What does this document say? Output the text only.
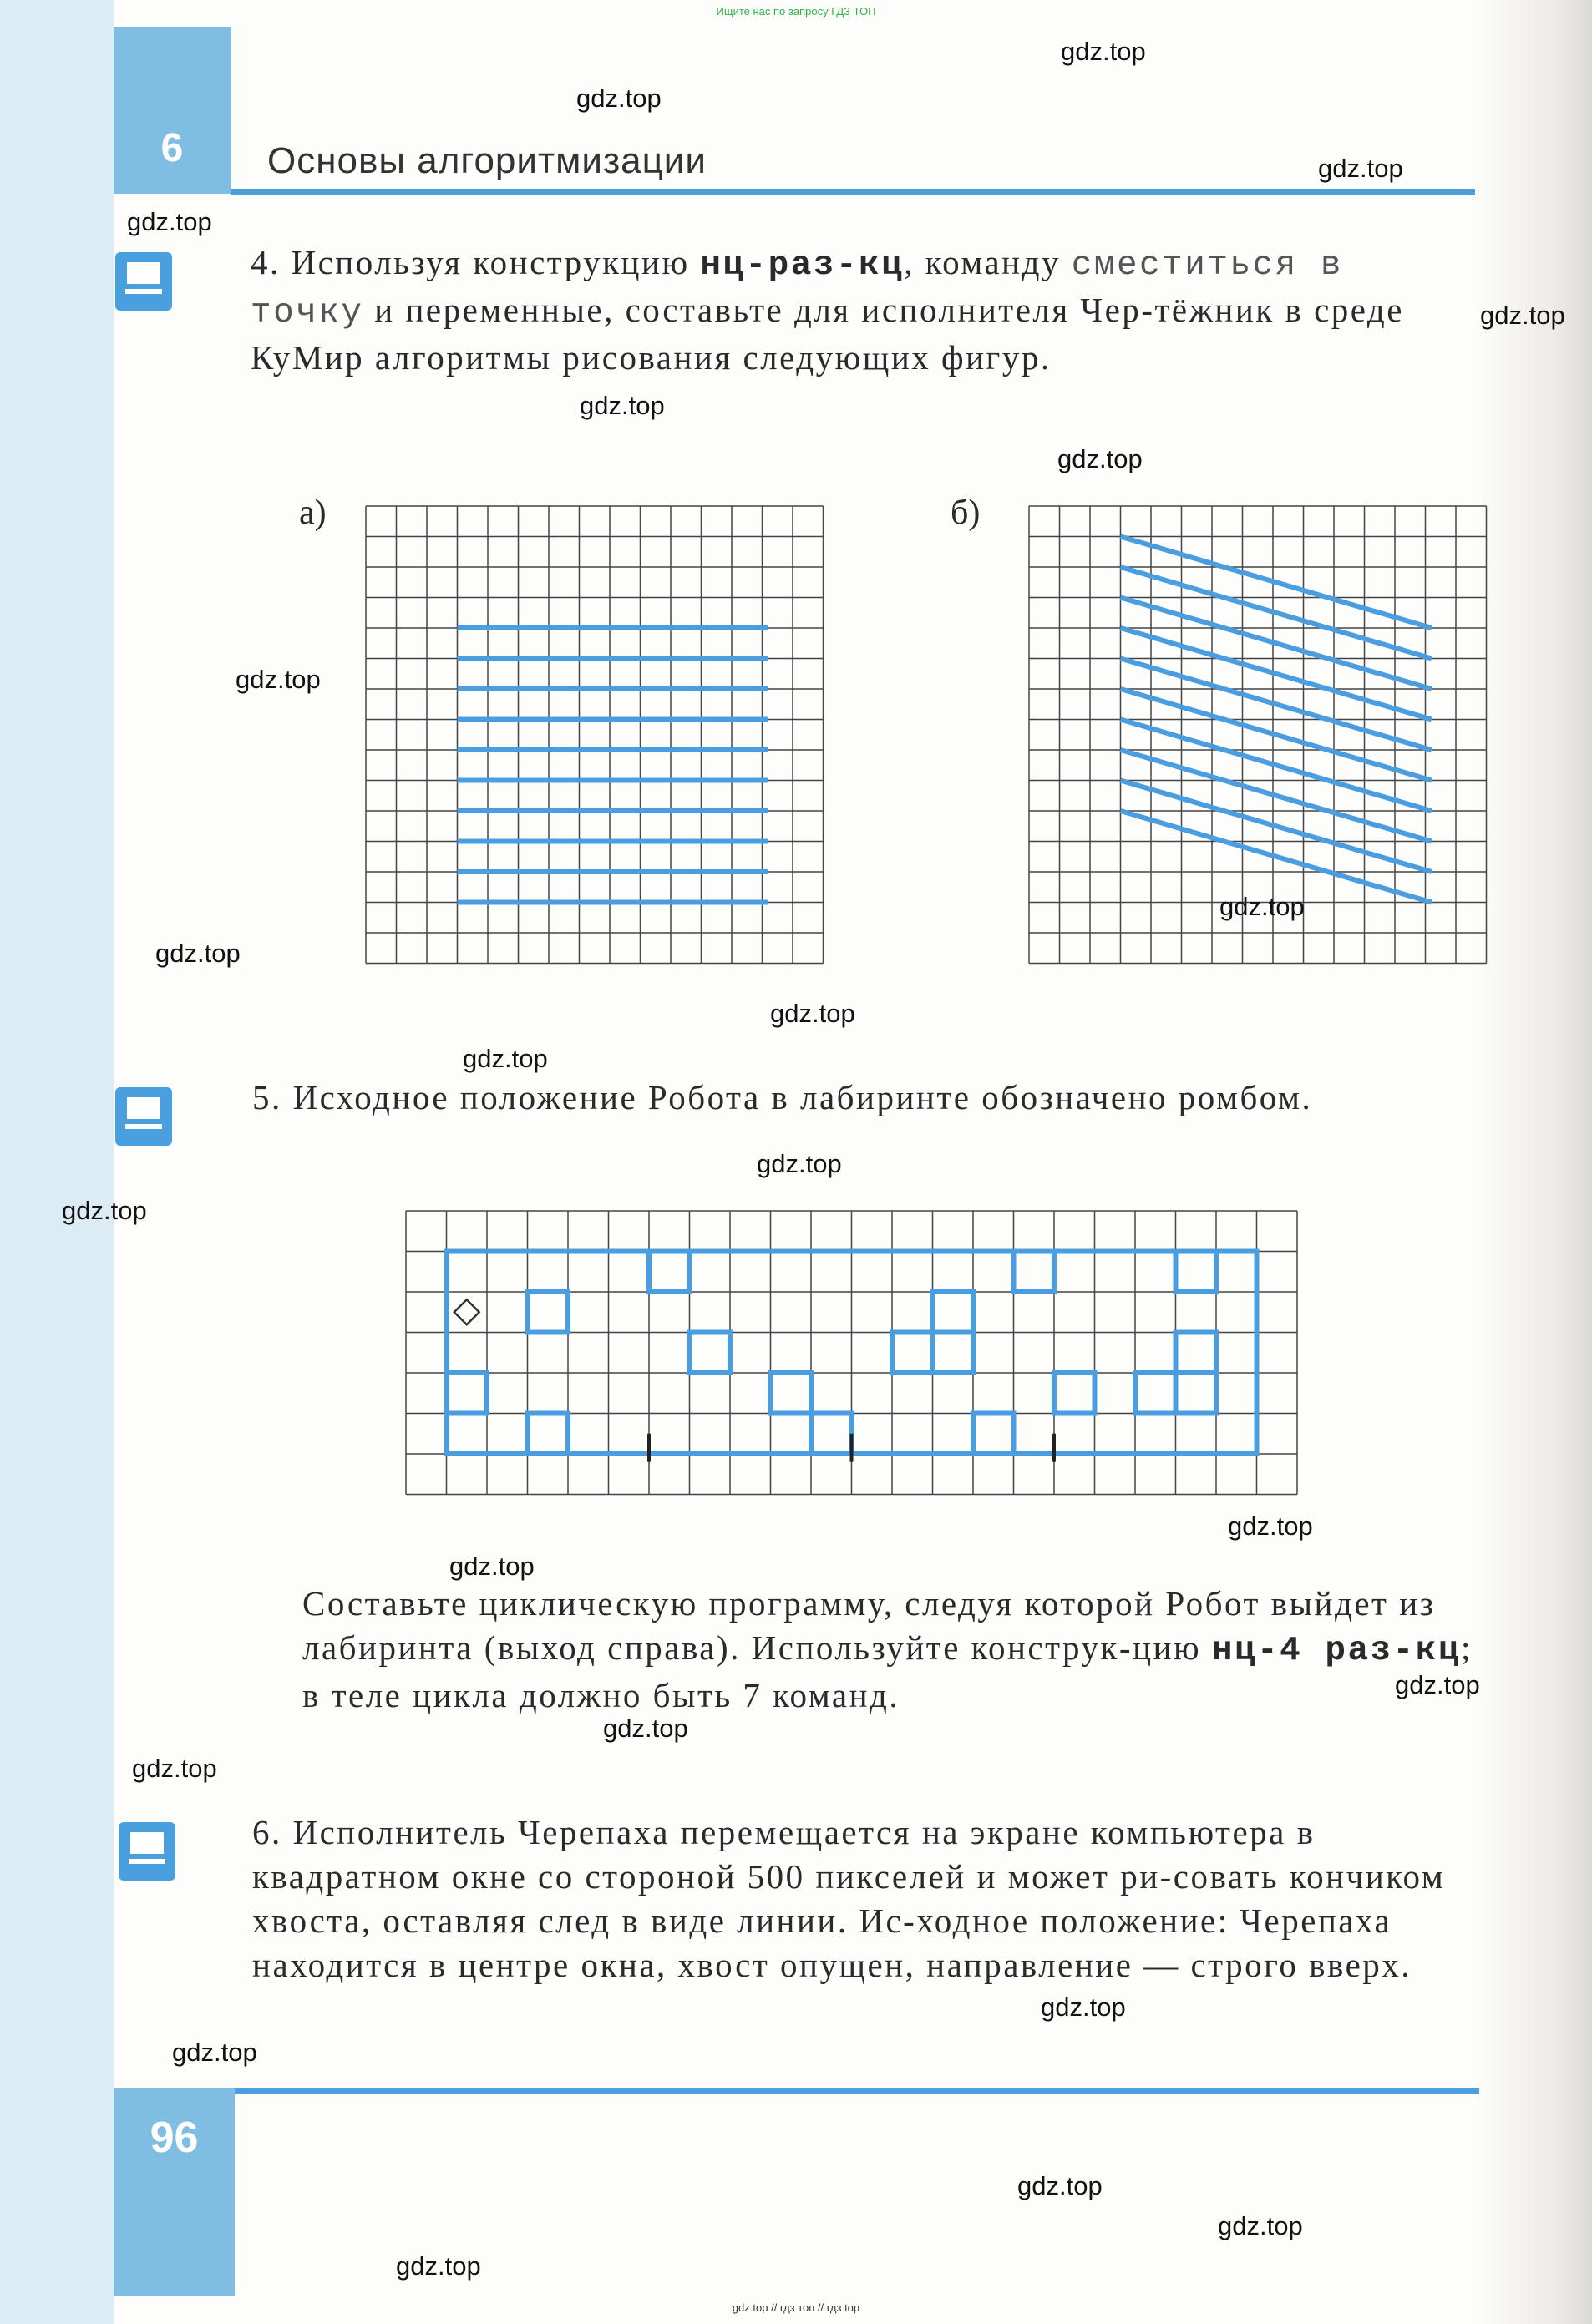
Ищите нас по запросу ГДЗ ТОП
6	Основы алгоритмизации
4. Используя конструкцию нц-раз-кц, команду сместиться в точку и переменные, составьте для исполнителя Чер-тёжник в среде КуМир алгоритмы рисования следующих фигур.
а)	б)
5. Исходное положение Робота в лабиринте обозначено ромбом.
Составьте циклическую программу, следуя которой Робот выйдет из лабиринта (выход справа). Используйте конструк-цию нц-4 раз-кц; в теле цикла должно быть 7 команд.
6. Исполнитель Черепаха перемещается на экране компьютера в квадратном окне со стороной 500 пикселей и может ри-совать кончиком хвоста, оставляя след в виде линии. Ис-ходное положение: Черепаха находится в центре окна, хвост опущен, направление — строго вверх.
96
gdz top // гдз топ // гдз top
gdz.top
gdz.top
gdz.top
gdz.top
gdz.top
gdz.top
gdz.top
gdz.top
gdz.top
gdz.top
gdz.top
gdz.top
gdz.top
gdz.top
gdz.top
gdz.top
gdz.top
gdz.top
gdz.top
gdz.top
gdz.top
gdz.top
gdz.top
gdz.top
